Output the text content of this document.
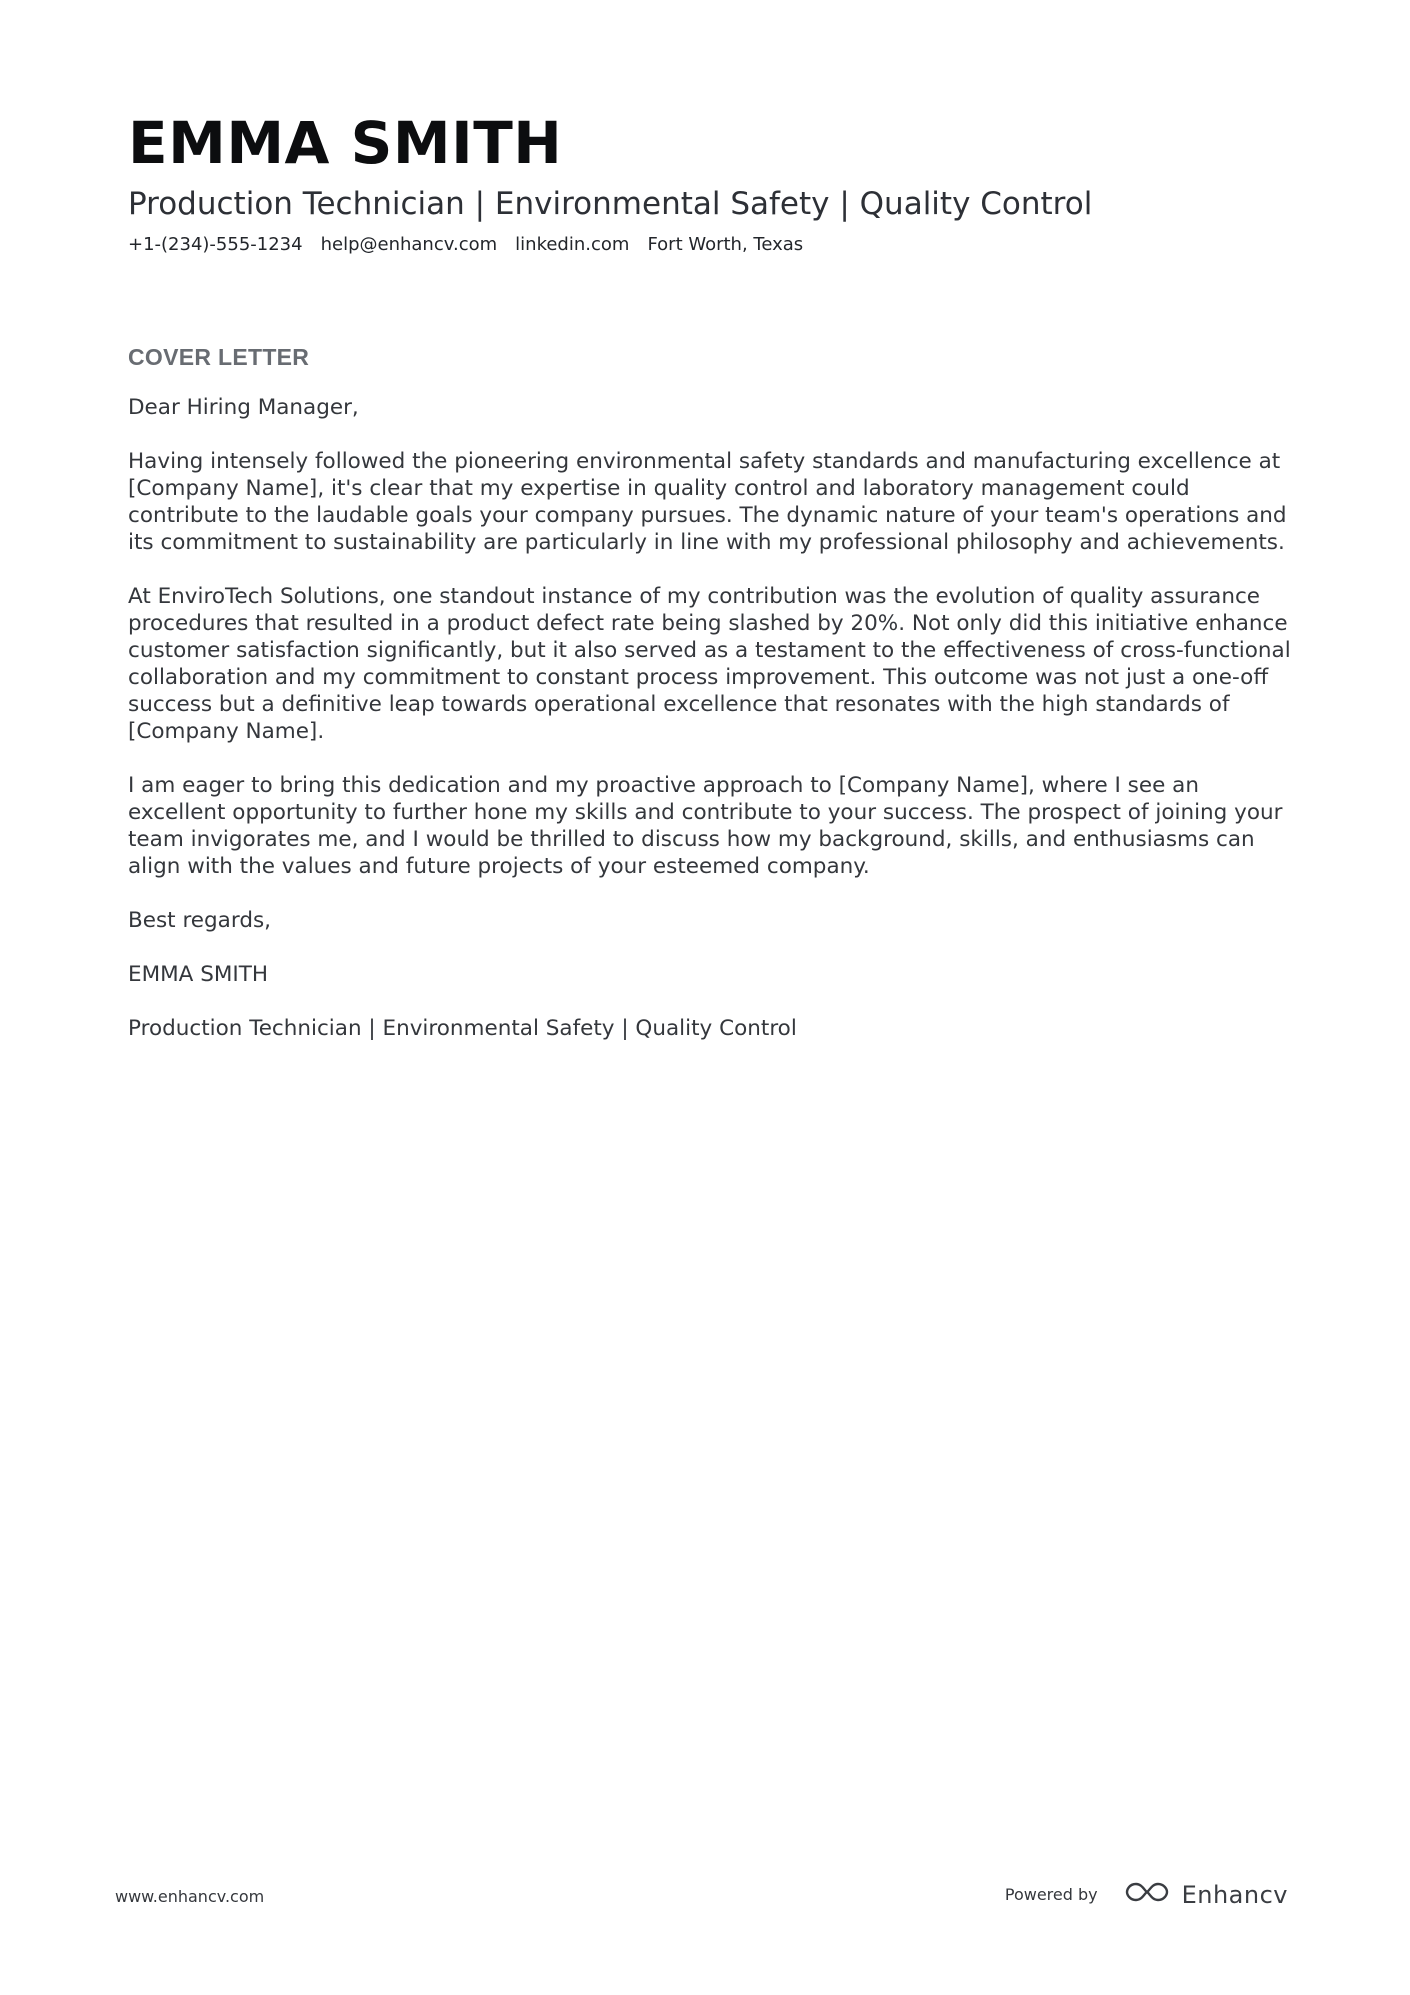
EMMA SMITH
Production Technician | Environmental Safety | Quality Control
+1-(234)-555-1234 help@enhancv.com linkedin.com Fort Worth, Texas
COVER LETTER

Dear Hiring Manager,

Having intensely followed the pioneering environmental safety standards and manufacturing excellence at [Company Name], it's clear that my expertise in quality control and laboratory management could contribute to the laudable goals your company pursues. The dynamic nature of your team's operations and its commitment to sustainability are particularly in line with my professional philosophy and achievements.

At EnviroTech Solutions, one standout instance of my contribution was the evolution of quality assurance procedures that resulted in a product defect rate being slashed by 20%. Not only did this initiative enhance customer satisfaction significantly, but it also served as a testament to the effectiveness of cross-functional collaboration and my commitment to constant process improvement. This outcome was not just a one-off success but a definitive leap towards operational excellence that resonates with the high standards of [Company Name].

I am eager to bring this dedication and my proactive approach to [Company Name], where I see an excellent opportunity to further hone my skills and contribute to your success. The prospect of joining your team invigorates me, and I would be thrilled to discuss how my background, skills, and enthusiasms can align with the values and future projects of your esteemed company.

Best regards,

EMMA SMITH

Production Technician | Environmental Safety | Quality Control

www.enhancv.com	Powered by	Enhancv
